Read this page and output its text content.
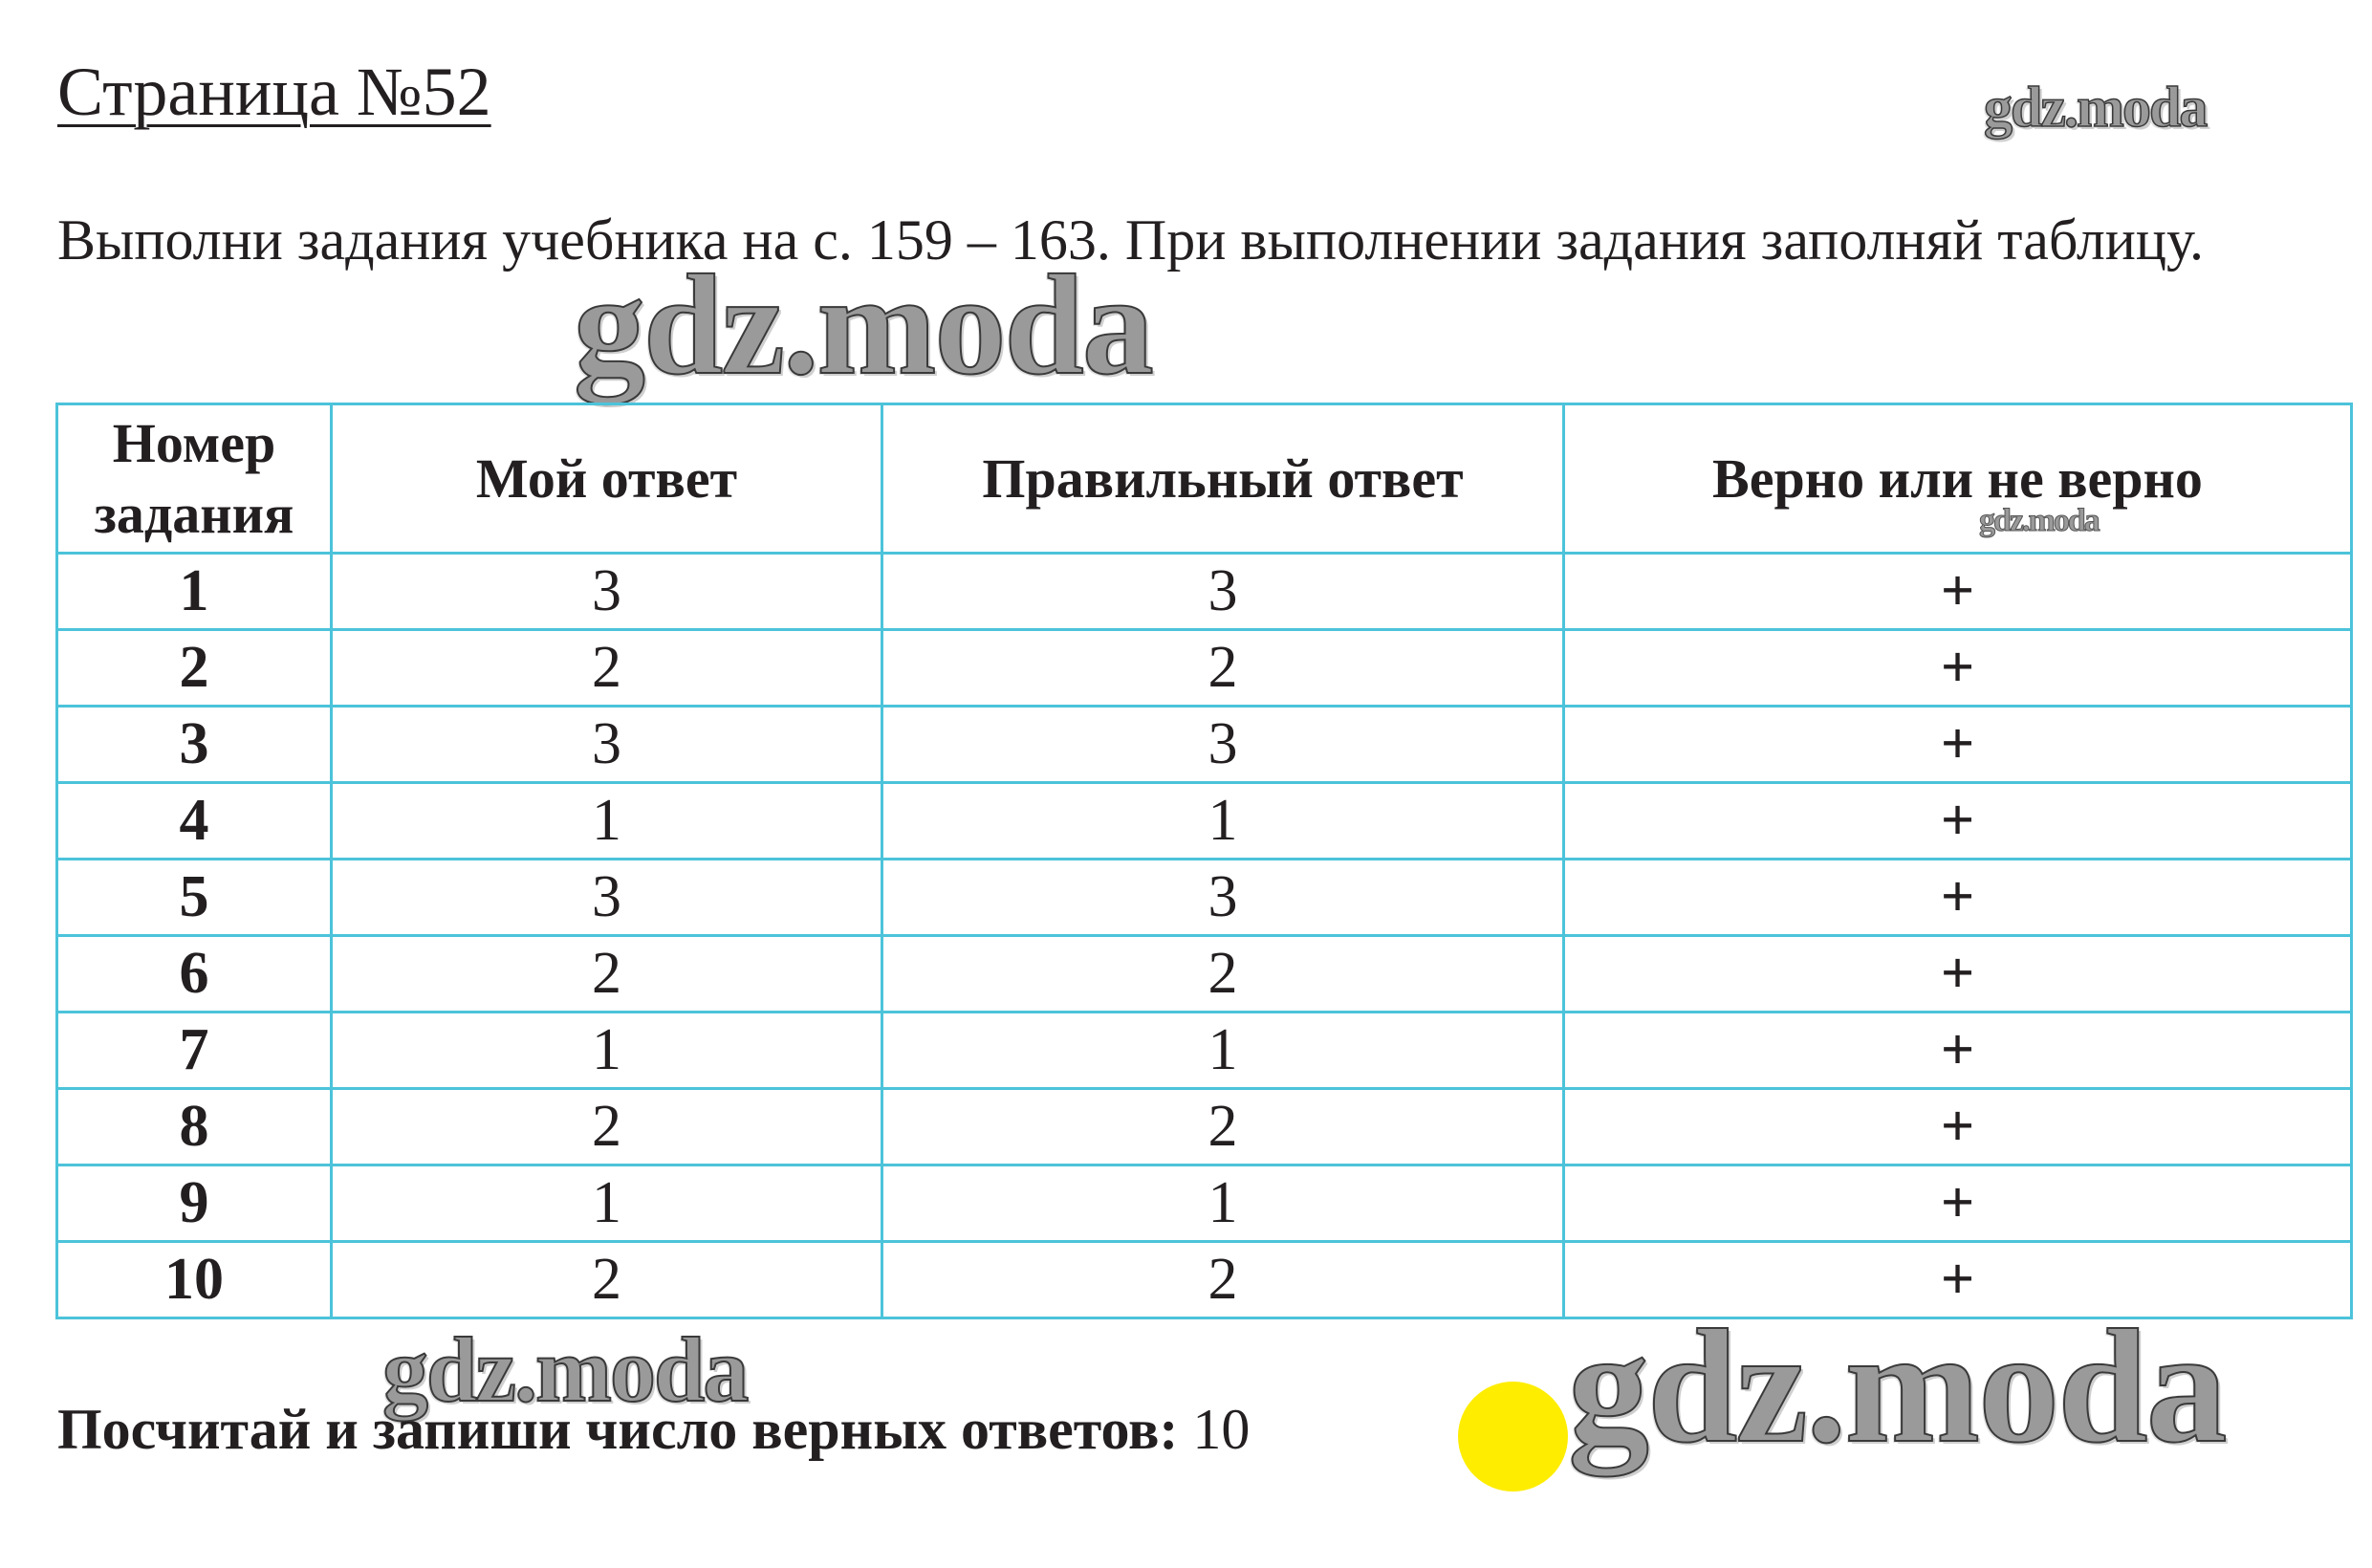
Страница №52	gdz.moda
Выполни задания учебника на с. 159 – 163. При выполнении задания заполняй таблицу.
gdz.moda
Номер задания	Мой ответ	Правильный ответ	Верно или не верно
1	3	3	+
2	2	2	+
3	3	3	+
4	1	1	+
5	3	3	+
6	2	2	+
7	1	1	+
8	2	2	+
9	1	1	+
10	2	2	+
gdz.moda
gdz.moda	gdz.moda
Посчитай и запиши число верных ответов: 10
